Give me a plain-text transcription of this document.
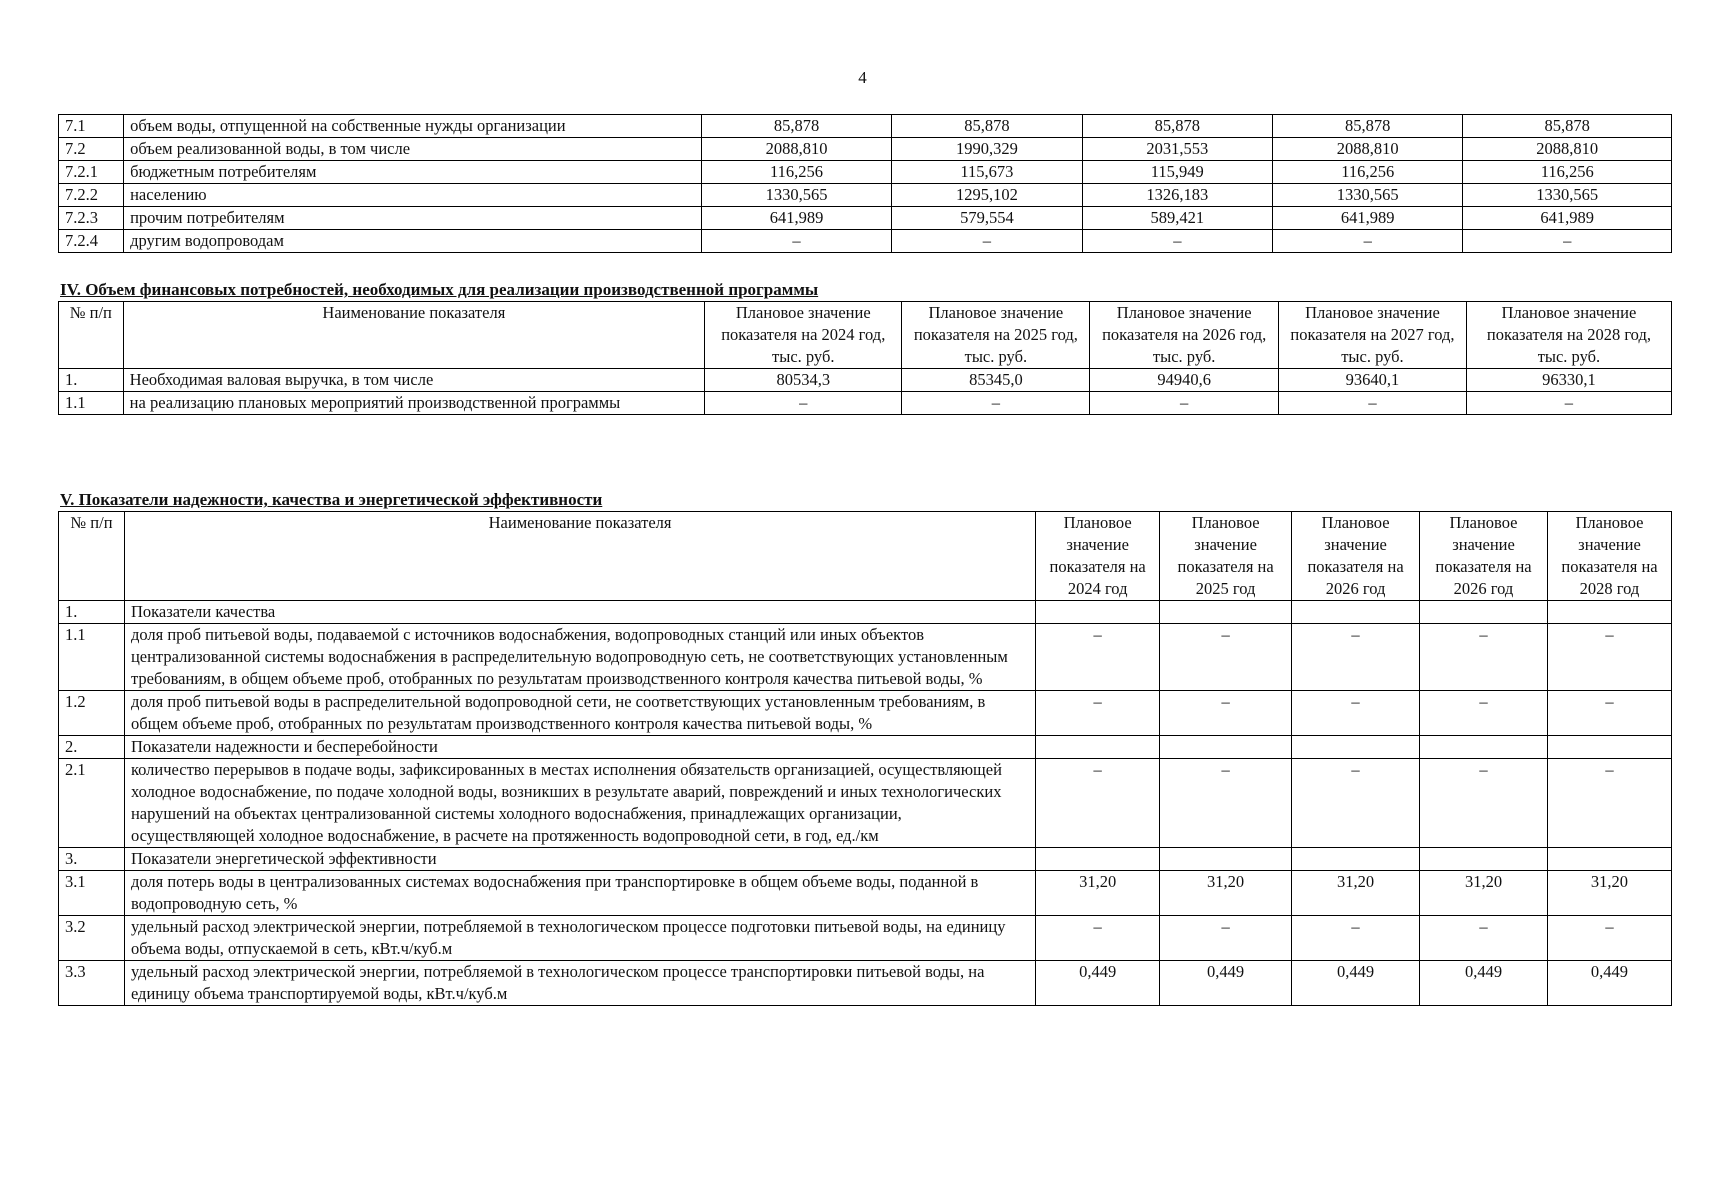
4
7.1	объем воды, отпущенной на собственные нужды организации	85,878	85,878	85,878	85,878	85,878
7.2	объем реализованной воды, в том числе	2088,810	1990,329	2031,553	2088,810	2088,810
7.2.1	бюджетным потребителям	116,256	115,673	115,949	116,256	116,256
7.2.2	населению	1330,565	1295,102	1326,183	1330,565	1330,565
7.2.3	прочим потребителям	641,989	579,554	589,421	641,989	641,989
7.2.4	другим водопроводам	–	–	–	–	–
IV. Объем финансовых потребностей, необходимых для реализации производственной программы
№ п/п	Наименование показателя	Плановое значение показателя на 2024 год, тыс. руб.	Плановое значение показателя на 2025 год, тыс. руб.	Плановое значение показателя на 2026 год, тыс. руб.	Плановое значение показателя на 2027 год, тыс. руб.	Плановое значение показателя на 2028 год, тыс. руб.
1.	Необходимая валовая выручка, в том числе	80534,3	85345,0	94940,6	93640,1	96330,1
1.1	на реализацию плановых мероприятий производственной программы	–	–	–	–	–
V. Показатели надежности, качества и энергетической эффективности
№ п/п	Наименование показателя	Плановое значение показателя на 2024 год	Плановое значение показателя на 2025 год	Плановое значение показателя на 2026 год	Плановое значение показателя на 2026 год	Плановое значение показателя на 2028 год
1.	Показатели качества					
1.1	доля проб питьевой воды, подаваемой с источников водоснабжения, водопроводных станций или иных объектов централизованной системы водоснабжения в распределительную водопроводную сеть, не соответствующих установленным требованиям, в общем объеме проб, отобранных по результатам производственного контроля качества питьевой воды, %	–	–	–	–	–
1.2	доля проб питьевой воды в распределительной водопроводной сети, не соответствующих установленным требованиям, в общем объеме проб, отобранных по результатам производственного контроля качества питьевой воды, %	–	–	–	–	–
2.	Показатели надежности и бесперебойности					
2.1	количество перерывов в подаче воды, зафиксированных в местах исполнения обязательств организацией, осуществляющей холодное водоснабжение, по подаче холодной воды, возникших в результате аварий, повреждений и иных технологических нарушений на объектах централизованной системы холодного водоснабжения, принадлежащих организации, осуществляющей холодное водоснабжение, в расчете на протяженность водопроводной сети, в год, ед./км	–	–	–	–	–
3.	Показатели энергетической эффективности					
3.1	доля потерь воды в централизованных системах водоснабжения при транспортировке в общем объеме воды, поданной в водопроводную сеть, %	31,20	31,20	31,20	31,20	31,20
3.2	удельный расход электрической энергии, потребляемой в технологическом процессе подготовки питьевой воды, на единицу объема воды, отпускаемой в сеть, кВт.ч/куб.м	–	–	–	–	–
3.3	удельный расход электрической энергии, потребляемой в технологическом процессе транспортировки питьевой воды, на единицу объема транспортируемой воды, кВт.ч/куб.м	0,449	0,449	0,449	0,449	0,449
